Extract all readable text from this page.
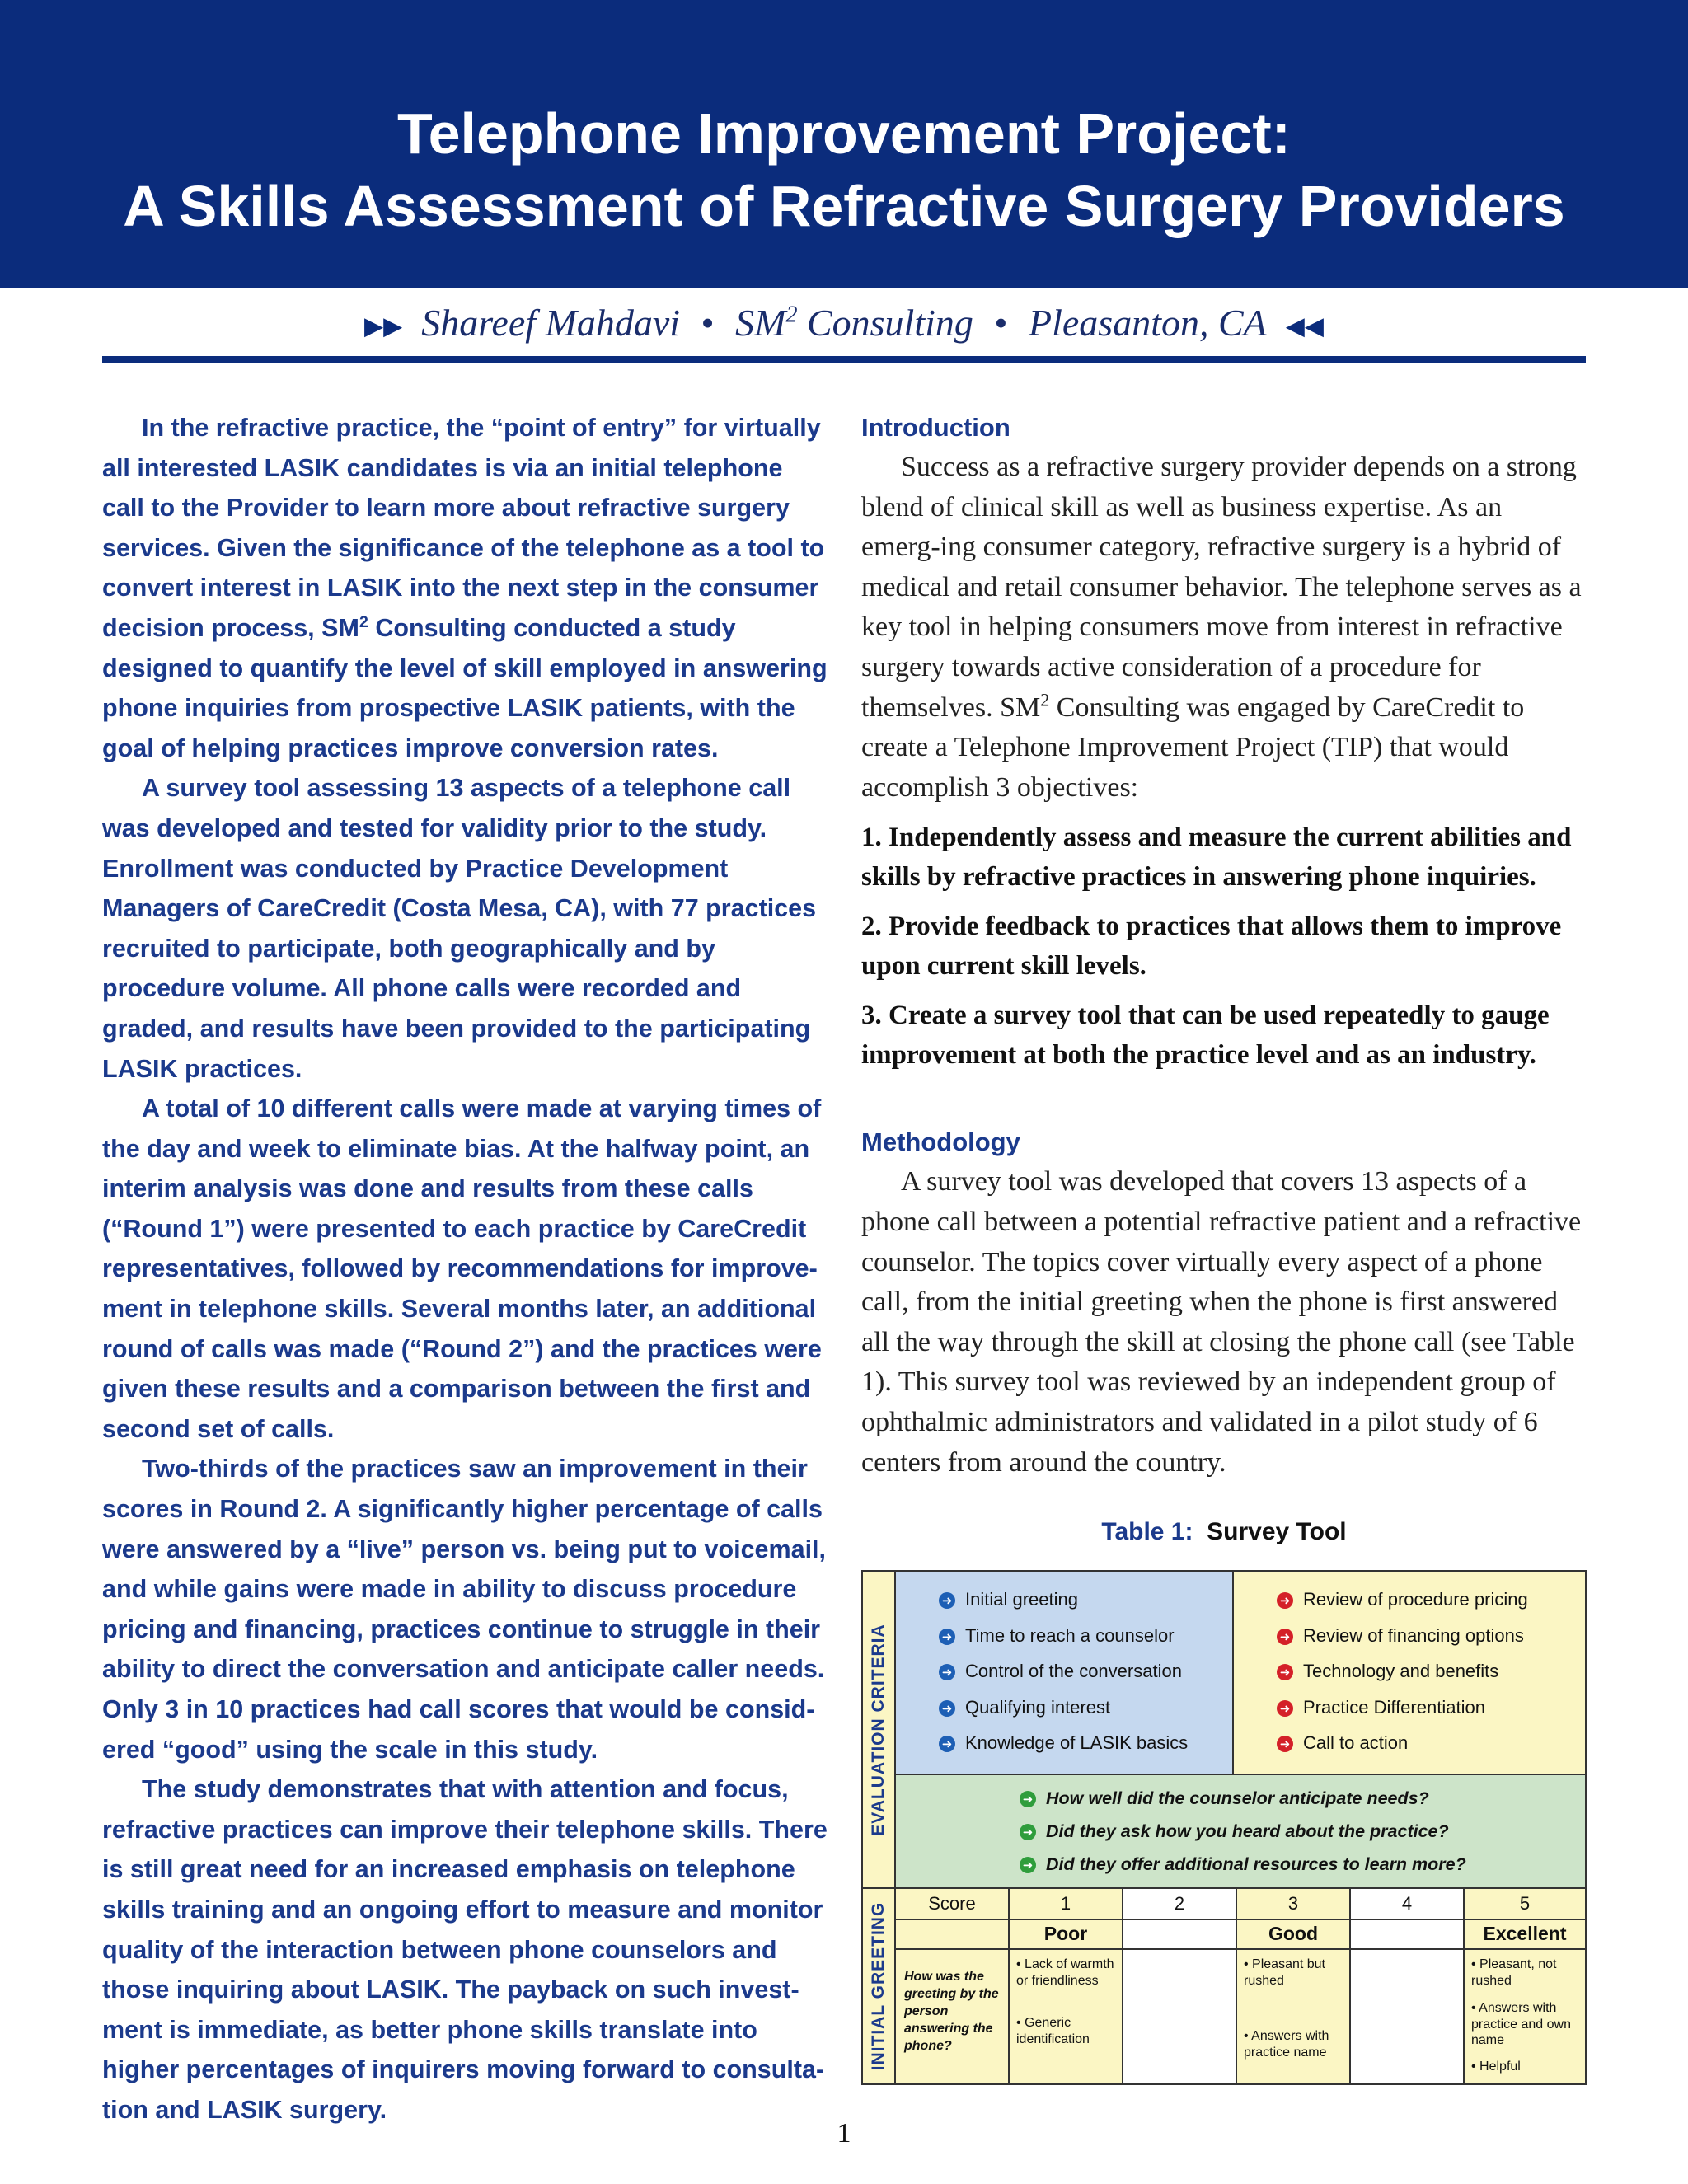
Telephone Improvement Project:
A Skills Assessment of Refractive Surgery Providers
▶▶ Shareef Mahdavi • $SM^2$ Consulting • Pleasanton, CA ◀◀

In the refractive practice, the “point of entry” for virtually all interested LASIK candidates is via an initial telephone call to the Provider to learn more about refractive surgery services. Given the significance of the telephone as a tool to convert interest in LASIK into the next step in the consumer decision process, $SM^2$ Consulting conducted a study designed to quantify the level of skill employed in answering phone inquiries from prospective LASIK patients, with the goal of helping practices improve conversion rates.

A survey tool assessing 13 aspects of a telephone call was developed and tested for validity prior to the study. Enrollment was conducted by Practice Development Managers of CareCredit (Costa Mesa, CA), with 77 practices recruited to participate, both geographically and by procedure volume. All phone calls were recorded and graded, and results have been provided to the participating LASIK practices.

A total of 10 different calls were made at varying times of the day and week to eliminate bias. At the halfway point, an interim analysis was done and results from these calls (“Round 1”) were presented to each practice by CareCredit representatives, followed by recommendations for improve-ment in telephone skills. Several months later, an additional round of calls was made (“Round 2”) and the practices were given these results and a comparison between the first and second set of calls.

Two-thirds of the practices saw an improvement in their scores in Round 2. A significantly higher percentage of calls were answered by a “live” person vs. being put to voicemail, and while gains were made in ability to discuss procedure pricing and financing, practices continue to struggle in their ability to direct the conversation and anticipate caller needs. Only 3 in 10 practices had call scores that would be consid-ered “good” using the scale in this study.

The study demonstrates that with attention and focus, refractive practices can improve their telephone skills. There is still great need for an increased emphasis on telephone skills training and an ongoing effort to measure and monitor quality of the interaction between phone counselors and those inquiring about LASIK. The payback on such invest-ment is immediate, as better phone skills translate into higher percentages of inquirers moving forward to consulta-tion and LASIK surgery.

Introduction

Success as a refractive surgery provider depends on a strong blend of clinical skill as well as business expertise. As an emerg-ing consumer category, refractive surgery is a hybrid of medical and retail consumer behavior. The telephone serves as a key tool in helping consumers move from interest in refractive surgery towards active consideration of a procedure for themselves. $SM^2$ Consulting was engaged by CareCredit to create a Telephone Improvement Project (TIP) that would accomplish 3 objectives:

1. Independently assess and measure the current abilities and skills by refractive practices in answering phone inquiries.

2. Provide feedback to practices that allows them to improve upon current skill levels.

3. Create a survey tool that can be used repeatedly to gauge improvement at both the practice level and as an industry.

Methodology

A survey tool was developed that covers 13 aspects of a phone call between a potential refractive patient and a refractive counselor. The topics cover virtually every aspect of a phone call, from the initial greeting when the phone is first answered all the way through the skill at closing the phone call (see Table 1). This survey tool was reviewed by an independent group of ophthalmic administrators and validated in a pilot study of 6 centers from around the country.

Table 1: Survey Tool
EVALUATION CRITERIA
INITIAL GREETING
➜ Initial greeting
➜ Time to reach a counselor
➜ Control of the conversation
➜ Qualifying interest
➜ Knowledge of LASIK basics
➜ Review of procedure pricing
➜ Review of financing options
➜ Technology and benefits
➜ Practice Differentiation
➜ Call to action
➜ How well did the counselor anticipate needs?
➜ Did they ask how you heard about the practice?
➜ Did they offer additional resources to learn more?
Score
How was the greeting by the person answering the phone?
1
Poor
• Lack of warmth or friendliness
• Generic identification
2	3
Good
• Pleasant but rushed
• Answers with practice name
4	5
Excellent
• Pleasant, not rushed
• Answers with practice and own name
• Helpful
1
